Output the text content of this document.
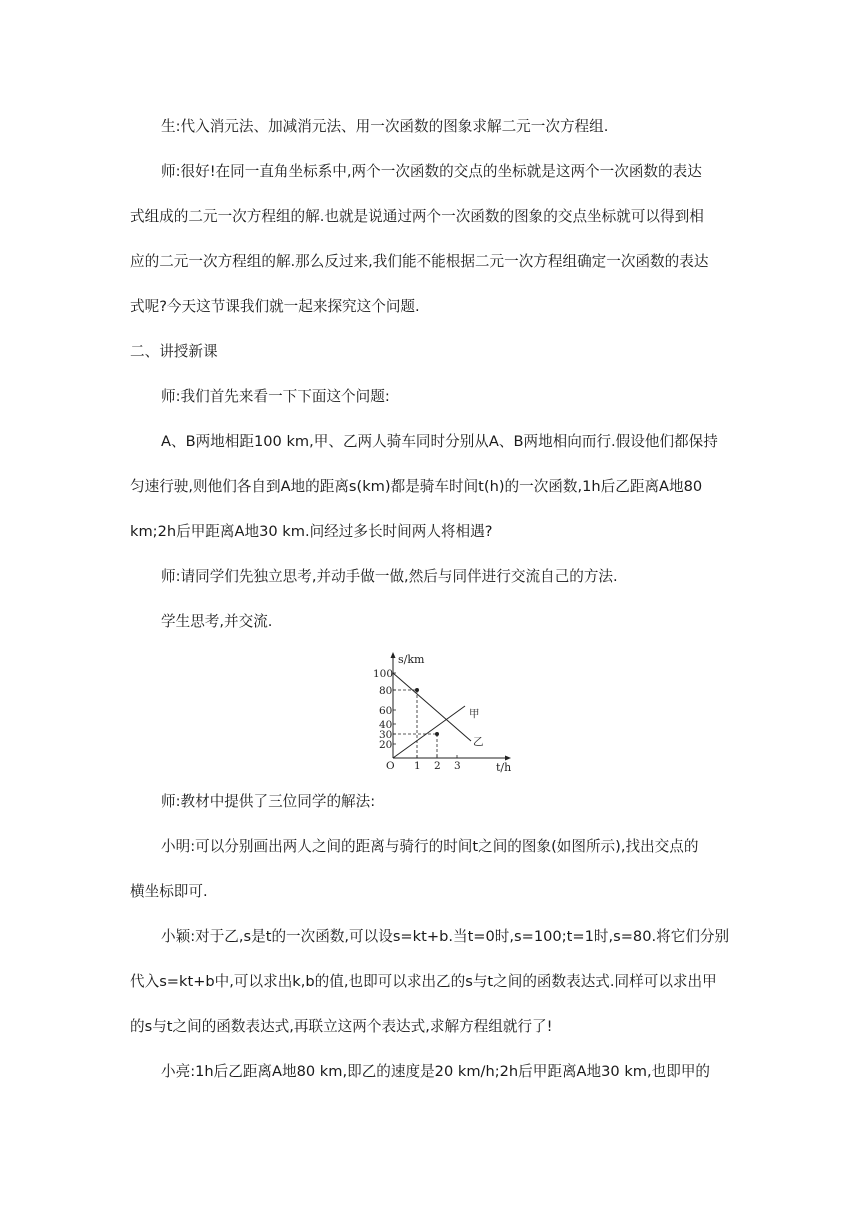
生:代入消元法、加减消元法、用一次函数的图象求解二元一次方程组.
师:很好!在同一直角坐标系中,两个一次函数的交点的坐标就是这两个一次函数的表达
式组成的二元一次方程组的解.也就是说通过两个一次函数的图象的交点坐标就可以得到相
应的二元一次方程组的解.那么反过来,我们能不能根据二元一次方程组确定一次函数的表达
式呢?今天这节课我们就一起来探究这个问题.
二、讲授新课
师:我们首先来看一下下面这个问题:
A、B两地相距100 km,甲、乙两人骑车同时分别从A、B两地相向而行.假设他们都保持
匀速行驶,则他们各自到A地的距离s(km)都是骑车时间t(h)的一次函数,1h后乙距离A地80
km;2h后甲距离A地30 km.问经过多长时间两人将相遇?
师:请同学们先独立思考,并动手做一做,然后与同伴进行交流自己的方法.
学生思考,并交流.
s/km
t/h
O
100
80
60
40
30
20
1 2 3
甲
乙
师:教材中提供了三位同学的解法:
小明:可以分别画出两人之间的距离与骑行的时间t之间的图象(如图所示),找出交点的
横坐标即可.
小颖:对于乙,s是t的一次函数,可以设s=kt+b.当t=0时,s=100;t=1时,s=80.将它们分别
代入s=kt+b中,可以求出k,b的值,也即可以求出乙的s与t之间的函数表达式.同样可以求出甲
的s与t之间的函数表达式,再联立这两个表达式,求解方程组就行了!
小亮:1h后乙距离A地80 km,即乙的速度是20 km/h;2h后甲距离A地30 km,也即甲的
